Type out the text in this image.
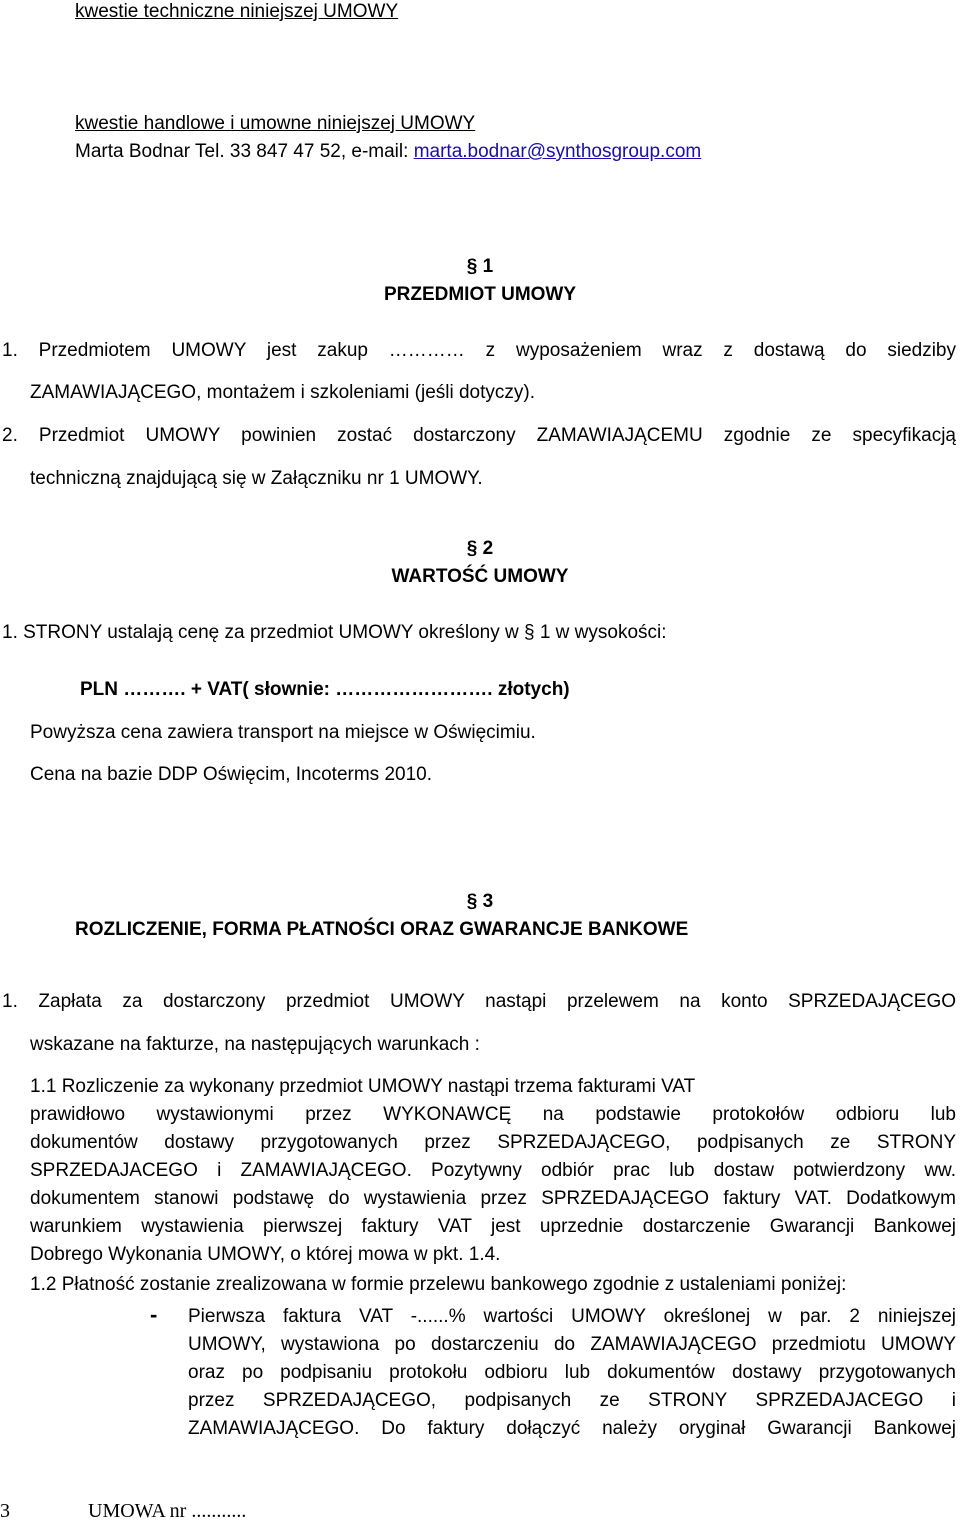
kwestie techniczne niniejszej UMOWY
kwestie handlowe i umowne niniejszej UMOWY
Marta Bodnar Tel. 33 847 47 52, e-mail: marta.bodnar@synthosgroup.com
§ 1
PRZEDMIOT UMOWY
1. Przedmiotem UMOWY jest zakup ………… z wyposażeniem wraz z dostawą do siedziby
ZAMAWIAJĄCEGO, montażem i szkoleniami (jeśli dotyczy).
2. Przedmiot UMOWY powinien zostać dostarczony ZAMAWIAJĄCEMU zgodnie ze specyfikacją
techniczną znajdującą się w Załączniku nr 1 UMOWY.
§ 2
WARTOŚĆ UMOWY
1. STRONY ustalają cenę za przedmiot UMOWY określony w § 1 w wysokości:
PLN ………. + VAT( słownie: ……………………. złotych)
Powyższa cena zawiera transport na miejsce w Oświęcimiu.
Cena na bazie DDP Oświęcim, Incoterms 2010.
§ 3
ROZLICZENIE, FORMA PŁATNOŚCI ORAZ GWARANCJE BANKOWE
1. Zapłata za dostarczony przedmiot UMOWY nastąpi przelewem na konto SPRZEDAJĄCEGO
wskazane na fakturze, na następujących warunkach :
1.1 Rozliczenie za wykonany przedmiot UMOWY nastąpi trzema fakturami VAT
prawidłowo wystawionymi przez WYKONAWCĘ na podstawie protokołów odbioru lub
dokumentów dostawy przygotowanych przez SPRZEDAJĄCEGO, podpisanych ze STRONY
SPRZEDAJACEGO i ZAMAWIAJĄCEGO. Pozytywny odbiór prac lub dostaw potwierdzony ww.
dokumentem stanowi podstawę do wystawienia przez SPRZEDAJĄCEGO faktury VAT. Dodatkowym
warunkiem wystawienia pierwszej faktury VAT jest uprzednie dostarczenie Gwarancji Bankowej
Dobrego Wykonania UMOWY, o której mowa w pkt. 1.4.
1.2 Płatność zostanie zrealizowana w formie przelewu bankowego zgodnie z ustaleniami poniżej:
- Pierwsza faktura VAT -......% wartości UMOWY określonej w par. 2 niniejszej
UMOWY, wystawiona po dostarczeniu do ZAMAWIAJĄCEGO przedmiotu UMOWY
oraz po podpisaniu protokołu odbioru lub dokumentów dostawy przygotowanych
przez SPRZEDAJĄCEGO, podpisanych ze STRONY SPRZEDAJACEGO i
ZAMAWIAJĄCEGO. Do faktury dołączyć należy oryginał Gwarancji Bankowej
3	UMOWA nr ...........
